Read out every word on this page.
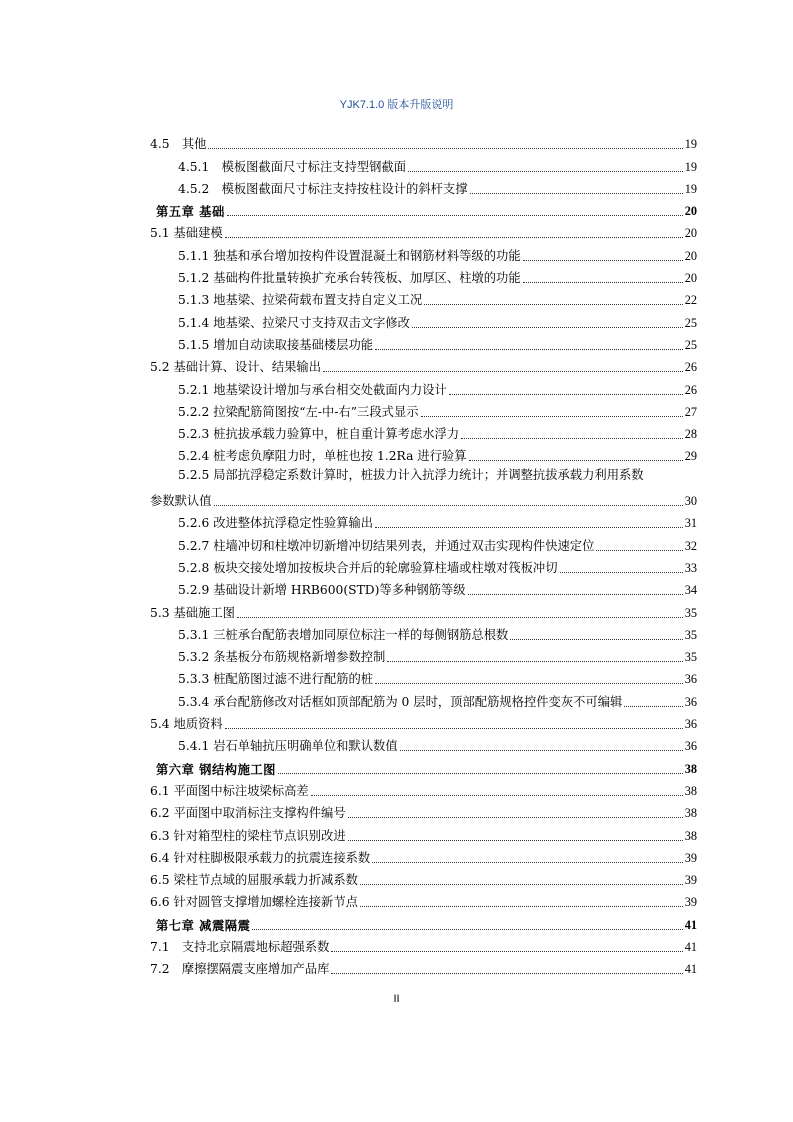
YJK7.1.0 版本升版说明
4.5　其他	19
4.5.1　模板图截面尺寸标注支持型钢截面	19
4.5.2　模板图截面尺寸标注支持按柱设计的斜杆支撑	19
第五章 基础	20
5.1 基础建模	20
5.1.1 独基和承台增加按构件设置混凝土和钢筋材料等级的功能	20
5.1.2 基础构件批量转换扩充承台转筏板、加厚区、柱墩的功能	20
5.1.3 地基梁、拉梁荷载布置支持自定义工况	22
5.1.4 地基梁、拉梁尺寸支持双击文字修改	25
5.1.5 增加自动读取接基础楼层功能	25
5.2 基础计算、设计、结果输出	26
5.2.1 地基梁设计增加与承台相交处截面内力设计	26
5.2.2 拉梁配筋简图按“左-中-右”三段式显示	27
5.2.3 桩抗拔承载力验算中，桩自重计算考虑水浮力	28
5.2.4 桩考虑负摩阻力时，单桩也按 1.2Ra 进行验算	29
5.2.5 局部抗浮稳定系数计算时，桩拔力计入抗浮力统计；并调整抗拔承载力利用系数
参数默认值	30
5.2.6 改进整体抗浮稳定性验算输出	31
5.2.7 柱墙冲切和柱墩冲切新增冲切结果列表，并通过双击实现构件快速定位	32
5.2.8 板块交接处增加按板块合并后的轮廓验算柱墙或柱墩对筏板冲切	33
5.2.9 基础设计新增 HRB600(STD)等多种钢筋等级	34
5.3 基础施工图	35
5.3.1 三桩承台配筋表增加同原位标注一样的每侧钢筋总根数	35
5.3.2 条基板分布筋规格新增参数控制	35
5.3.3 桩配筋图过滤不进行配筋的桩	36
5.3.4 承台配筋修改对话框如顶部配筋为 0 层时，顶部配筋规格控件变灰不可编辑	36
5.4 地质资料	36
5.4.1 岩石单轴抗压明确单位和默认数值	36
第六章 钢结构施工图	38
6.1 平面图中标注坡梁标高差	38
6.2 平面图中取消标注支撑构件编号	38
6.3 针对箱型柱的梁柱节点识别改进	38
6.4 针对柱脚极限承载力的抗震连接系数	39
6.5 梁柱节点域的屈服承载力折减系数	39
6.6 针对圆管支撑增加螺栓连接新节点	39
第七章 减震隔震	41
7.1　支持北京隔震地标超强系数	41
7.2　摩擦摆隔震支座增加产品库	41
II
